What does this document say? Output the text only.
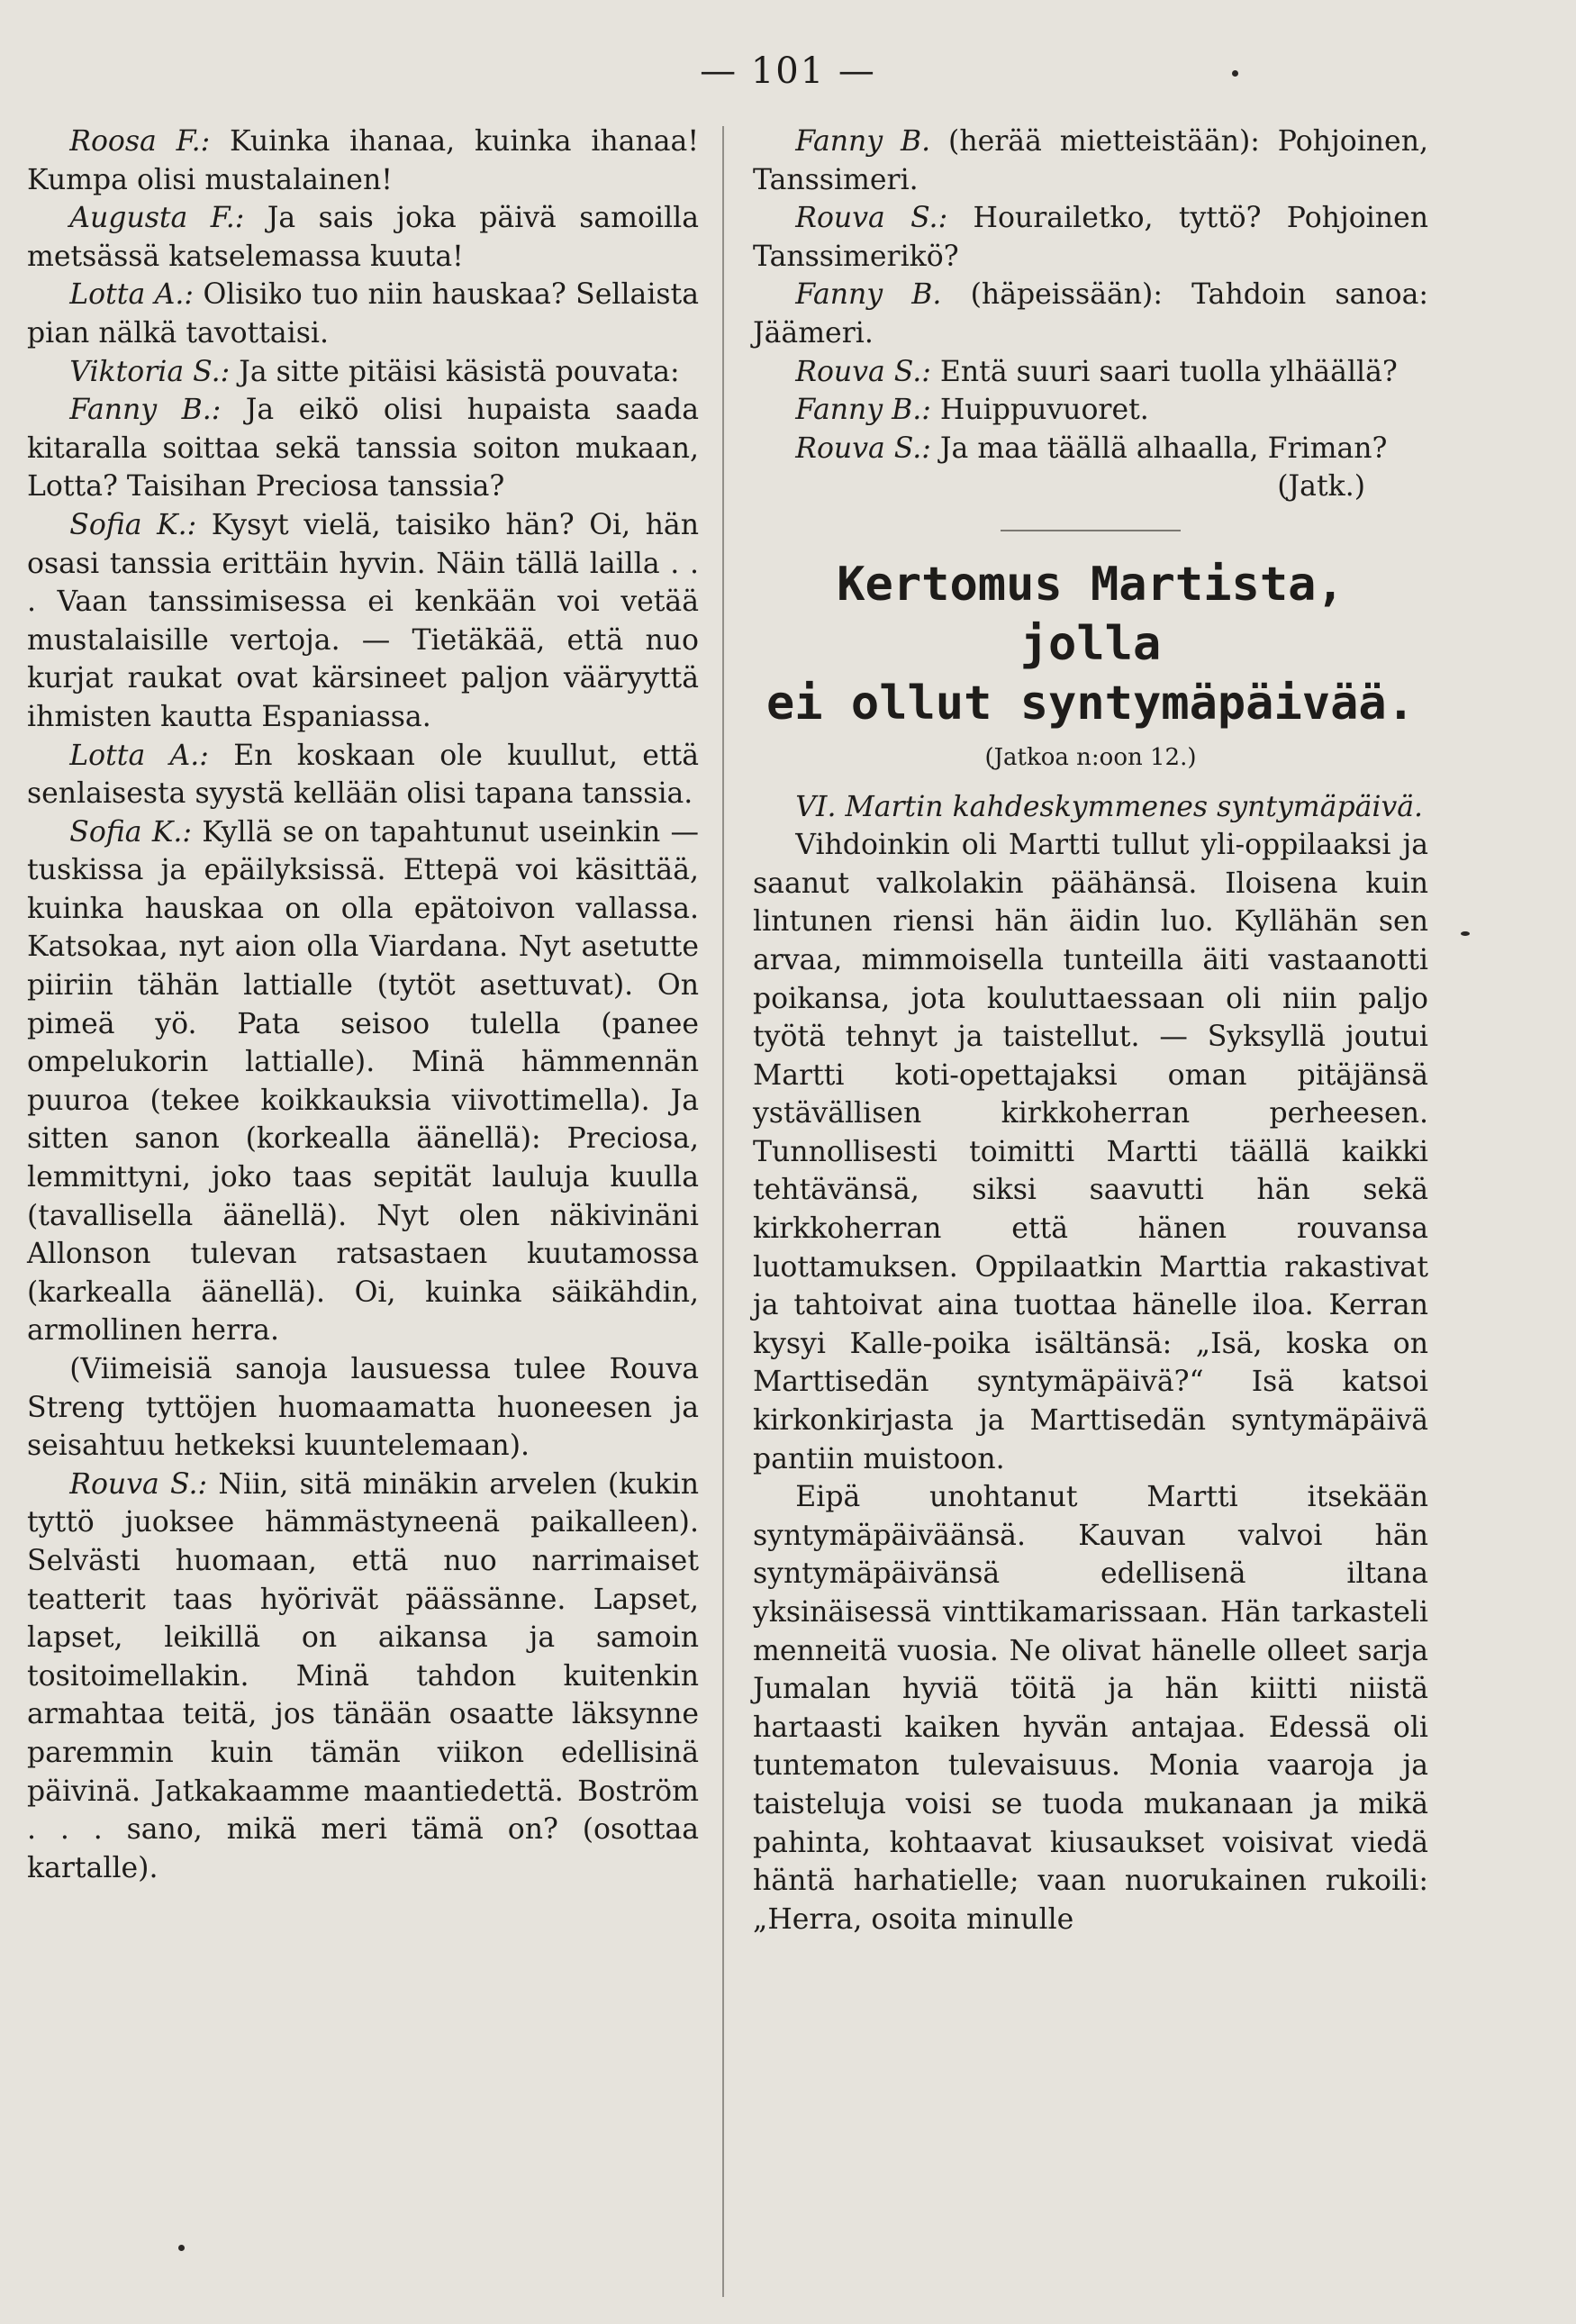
— 101 —

Roosa F.: Kuinka ihanaa, kuinka ihanaa! Kumpa olisi mustalainen!

Augusta F.: Ja sais joka päivä samoilla metsässä katselemassa kuuta!

Lotta A.: Olisiko tuo niin hauskaa? Sellaista pian nälkä tavottaisi.

Viktoria S.: Ja sitte pitäisi käsistä pouvata:

Fanny B.: Ja eikö olisi hupaista saada kitaralla soittaa sekä tanssia soiton mukaan, Lotta? Taisihan Preciosa tanssia?

Sofia K.: Kysyt vielä, taisiko hän? Oi, hän osasi tanssia erittäin hyvin. Näin tällä lailla . . . Vaan tanssimisessa ei kenkään voi vetää mustalaisille vertoja. — Tietäkää, että nuo kurjat raukat ovat kärsineet paljon vääryyttä ihmisten kautta Espaniassa.

Lotta A.: En koskaan ole kuullut, että senlaisesta syystä kellään olisi tapana tanssia.

Sofia K.: Kyllä se on tapahtunut useinkin — tuskissa ja epäilyksissä. Ettepä voi käsittää, kuinka hauskaa on olla epätoivon vallassa. Katsokaa, nyt aion olla Viardana. Nyt asetutte piiriin tähän lattialle (tytöt asettuvat). On pimeä yö. Pata seisoo tulella (panee ompelukorin lattialle). Minä hämmennän puuroa (tekee koikkauksia viivottimella). Ja sitten sanon (korkealla äänellä): Preciosa, lemmittyni, joko taas sepität lauluja kuulla (tavallisella äänellä). Nyt olen näkivinäni Allonson tulevan ratsastaen kuutamossa (karkealla äänellä). Oi, kuinka säikähdin, armollinen herra.

(Viimeisiä sanoja lausuessa tulee Rouva Streng tyttöjen huomaamatta huoneesen ja seisahtuu hetkeksi kuuntelemaan).

Rouva S.: Niin, sitä minäkin arvelen (kukin tyttö juoksee hämmästyneenä paikalleen). Selvästi huomaan, että nuo narrimaiset teatterit taas hyörivät päässänne. Lapset, lapset, leikillä on aikansa ja samoin tositoimellakin. Minä tahdon kuitenkin armahtaa teitä, jos tänään osaatte läksynne paremmin kuin tämän viikon edellisinä päivinä. Jatkakaamme maantiedettä. Boström . . . sano, mikä meri tämä on? (osottaa kartalle).

Fanny B. (herää mietteistään): Pohjoinen, Tanssimeri.

Rouva S.: Hourailetko, tyttö? Pohjoinen Tanssimerikö?

Fanny B. (häpeissään): Tahdoin sanoa: Jäämeri.

Rouva S.: Entä suuri saari tuolla ylhäällä?

Fanny B.: Huippuvuoret.

Rouva S.: Ja maa täällä alhaalla, Friman?

(Jatk.)

Kertomus Martista, jolla
ei ollut syntymäpäivää.
(Jatkoa n:oon 12.)

VI. Martin kahdeskymmenes syntymäpäivä.

Vihdoinkin oli Martti tullut yli-oppilaaksi ja saanut valkolakin päähänsä. Iloisena kuin lintunen riensi hän äidin luo. Kyllähän sen arvaa, mimmoisella tunteilla äiti vastaanotti poikansa, jota kouluttaessaan oli niin paljo työtä tehnyt ja taistellut. — Syksyllä joutui Martti koti-opettajaksi oman pitäjänsä ystävällisen kirkkoherran perheesen. Tunnollisesti toimitti Martti täällä kaikki tehtävänsä, siksi saavutti hän sekä kirkkoherran että hänen rouvansa luottamuksen. Oppilaatkin Marttia rakastivat ja tahtoivat aina tuottaa hänelle iloa. Kerran kysyi Kalle-poika isältänsä: „Isä, koska on Marttisedän syntymäpäivä?“ Isä katsoi kirkonkirjasta ja Marttisedän syntymäpäivä pantiin muistoon.

Eipä unohtanut Martti itsekään syntymäpäiväänsä. Kauvan valvoi hän syntymäpäivänsä edellisenä iltana yksinäisessä vinttikamarissaan. Hän tarkasteli menneitä vuosia. Ne olivat hänelle olleet sarja Jumalan hyviä töitä ja hän kiitti niistä hartaasti kaiken hyvän antajaa. Edessä oli tuntematon tulevaisuus. Monia vaaroja ja taisteluja voisi se tuoda mukanaan ja mikä pahinta, kohtaavat kiusaukset voisivat viedä häntä harhatielle; vaan nuorukainen rukoili: „Herra, osoita minulle
